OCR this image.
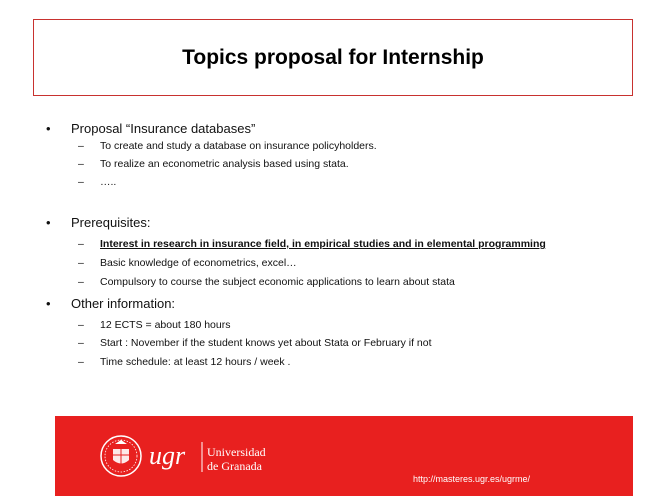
Topics proposal for Internship
• Proposal “Insurance databases”
– To create and study a database on insurance policyholders.
– To realize an econometric analysis based using stata.
– …..
• Prerequisites:
– Interest in research in insurance field, in empirical studies and in elemental programming
– Basic knowledge of econometrics, excel…
– Compulsory to course the subject economic applications to learn about stata
• Other information:
– 12 ECTS = about 180 hours
– Start : November if the student knows yet about Stata or February if not
– Time schedule: at least 12 hours / week .
ugr Universidad
de Granada
http://masteres.ugr.es/ugrme/
